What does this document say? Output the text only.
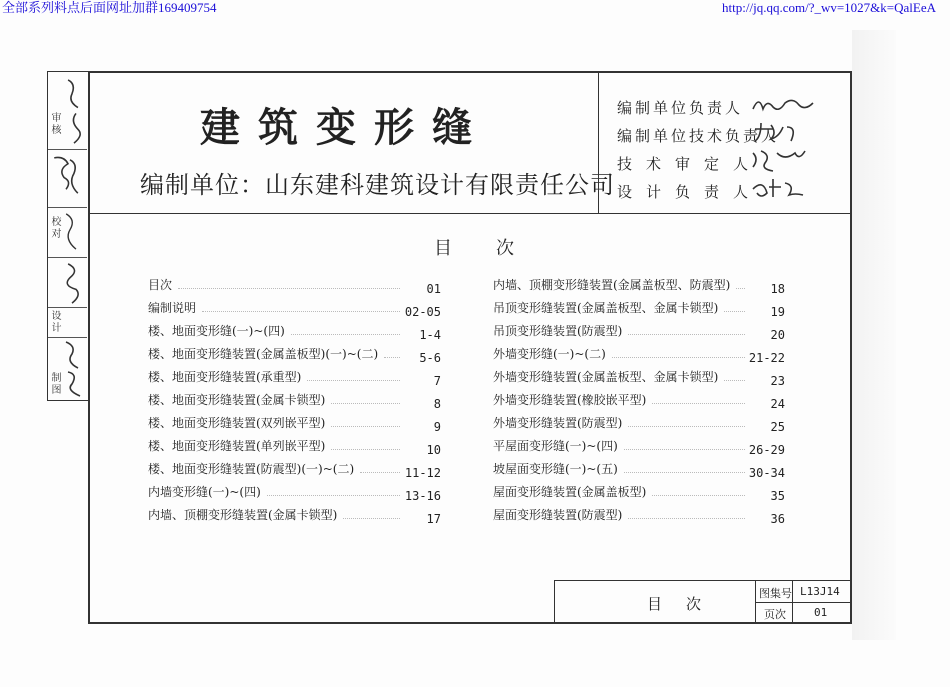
全部系列料点后面网址加群169409754	http://jq.qq.com/?_wv=1027&k=QalEeA
审核
校对
设计
制图
建筑变形缝
编制单位：山东建科建筑设计有限责任公司
编制单位负责人
编制单位技术负责人
技术审定人
设计负责人
目次
目次	01
编制说明	02-05
楼、地面变形缝(一)~(四)	1-4
楼、地面变形缝装置(金属盖板型)(一)~(二)	5-6
楼、地面变形缝装置(承重型)	7
楼、地面变形缝装置(金属卡锁型)	8
楼、地面变形缝装置(双列嵌平型)	9
楼、地面变形缝装置(单列嵌平型)	10
楼、地面变形缝装置(防震型)(一)~(二)	11-12
内墙变形缝(一)~(四)	13-16
内墙、顶棚变形缝装置(金属卡锁型)	17
内墙、顶棚变形缝装置(金属盖板型、防震型)	18
吊顶变形缝装置(金属盖板型、金属卡锁型)	19
吊顶变形缝装置(防震型)	20
外墙变形缝(一)~(二)	21-22
外墙变形缝装置(金属盖板型、金属卡锁型)	23
外墙变形缝装置(橡胶嵌平型)	24
外墙变形缝装置(防震型)	25
平屋面变形缝(一)~(四)	26-29
坡屋面变形缝(一)~(五)	30-34
屋面变形缝装置(金属盖板型)	35
屋面变形缝装置(防震型)	36
目次
图集号 L13J14
页次	01
